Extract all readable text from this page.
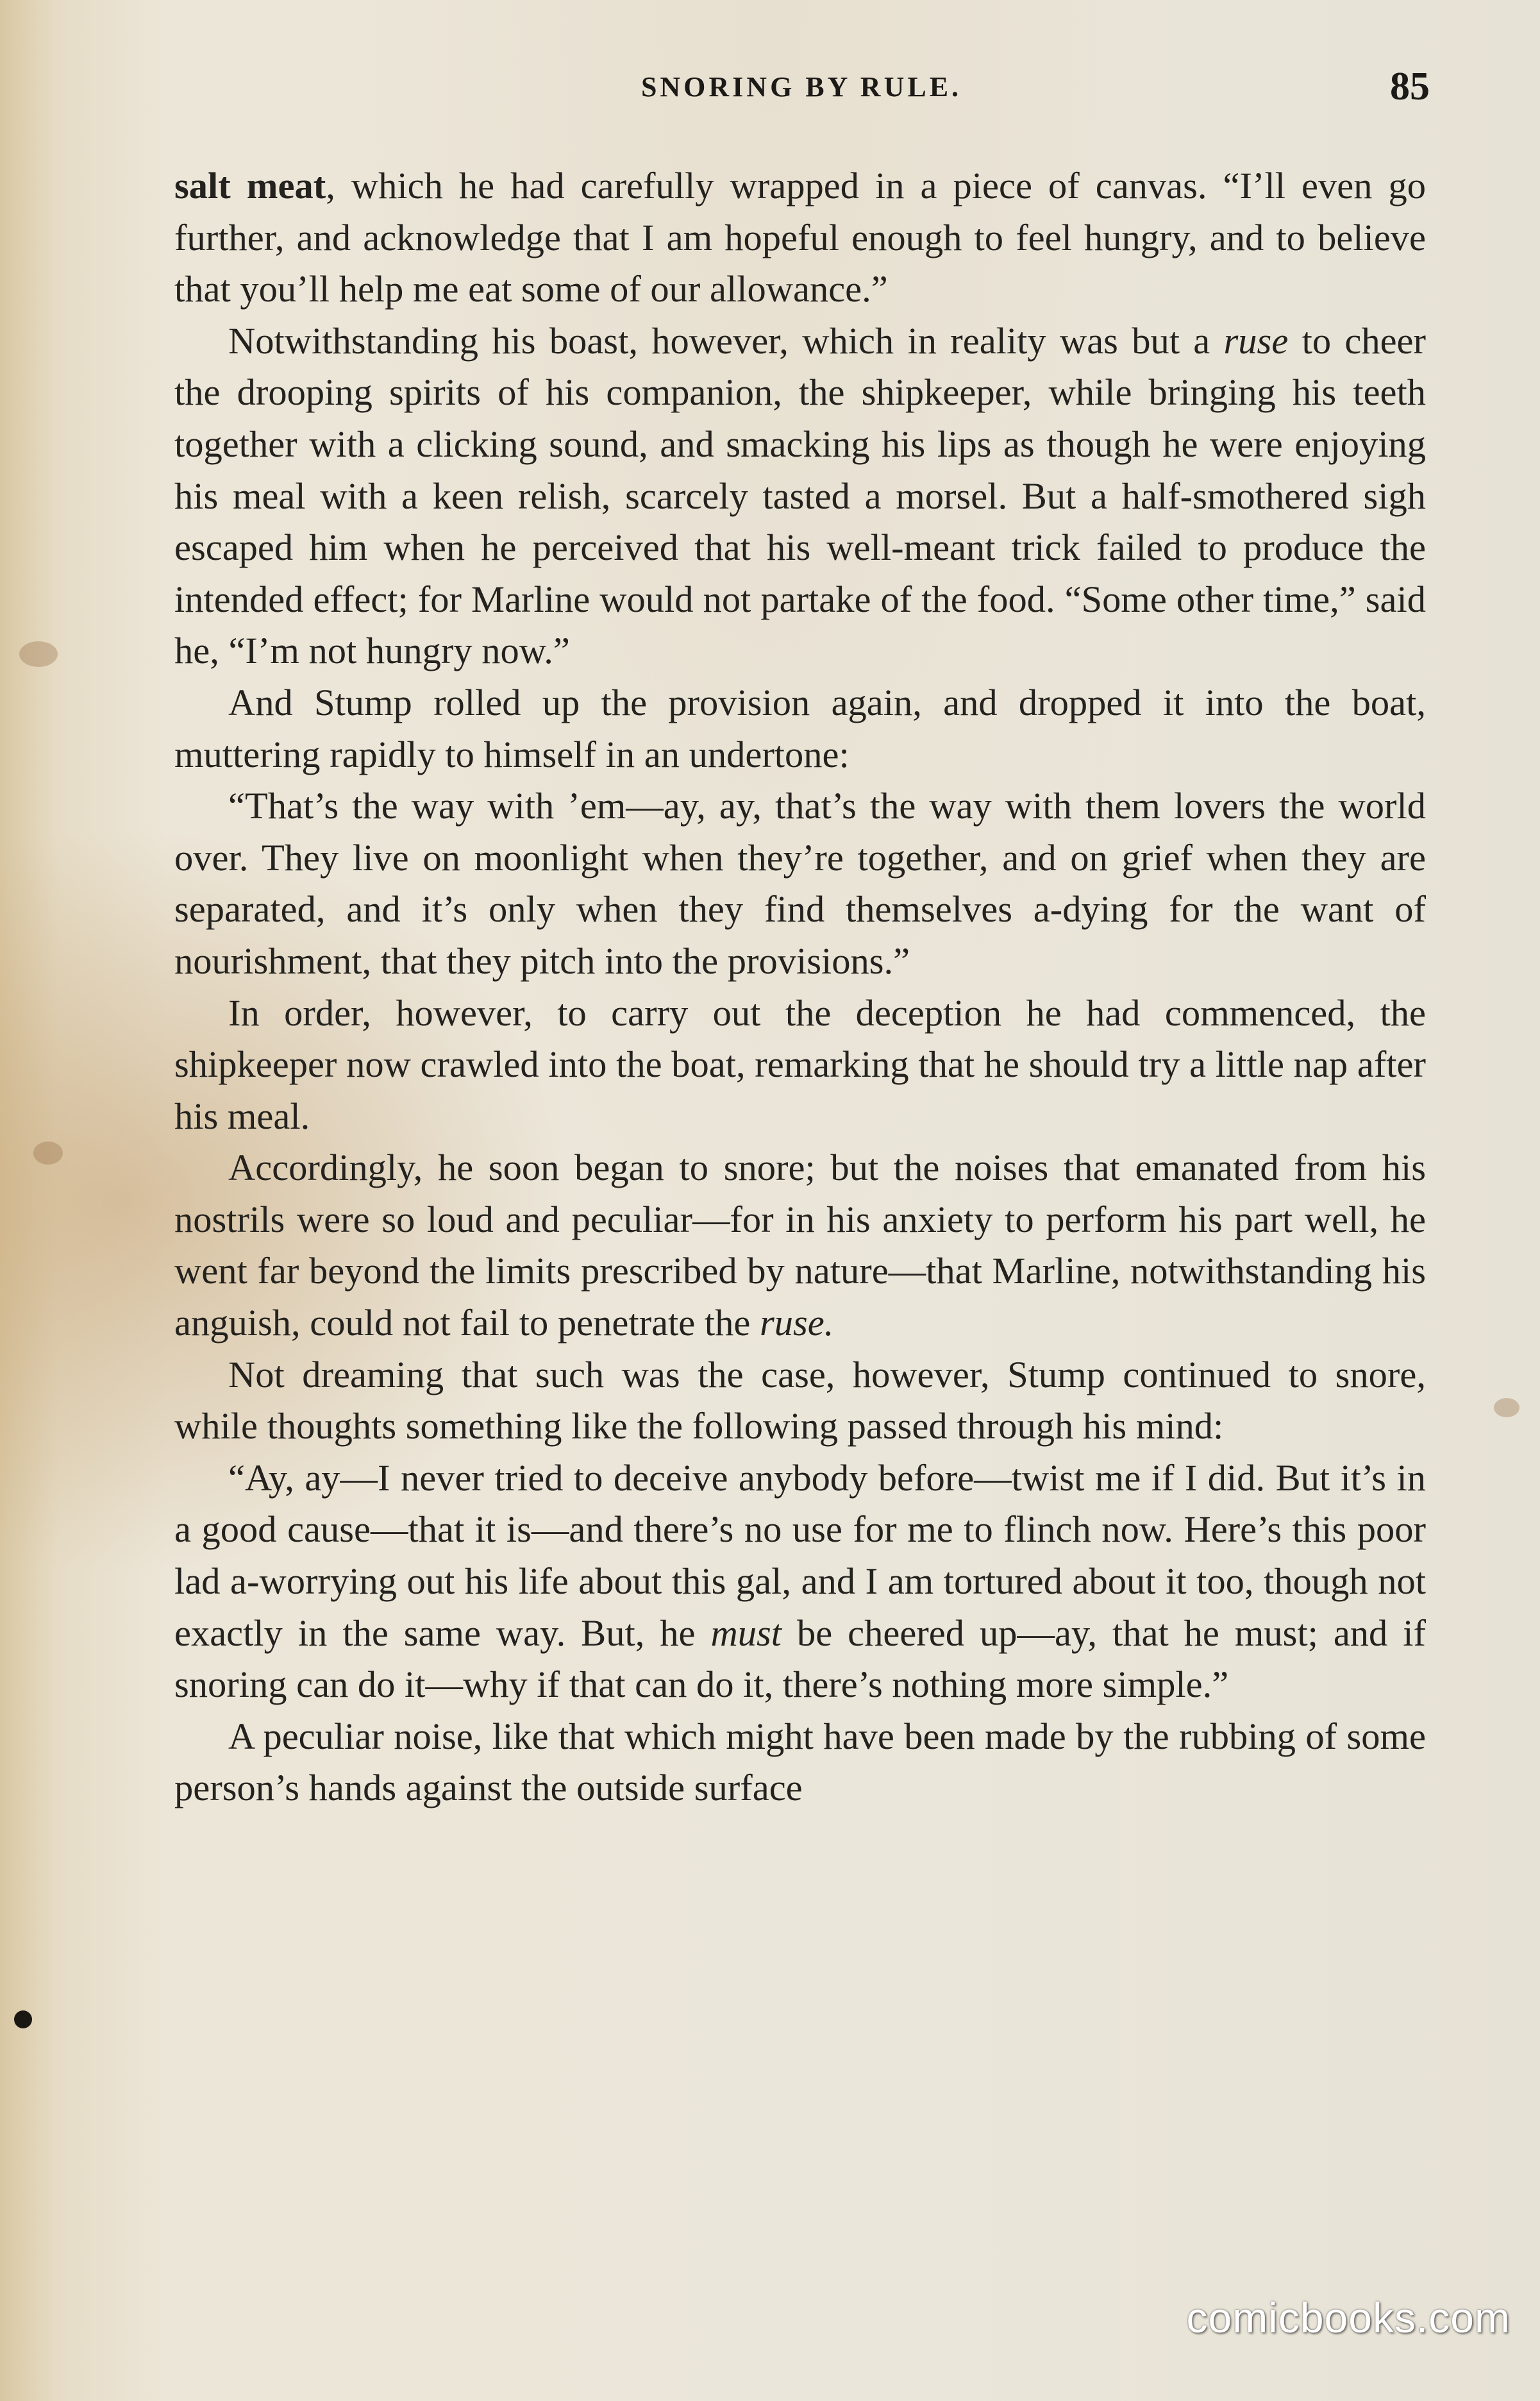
SNORING BY RULE.	85

salt meat, which he had carefully wrapped in a piece of canvas. “I’ll even go further, and acknowledge that I am hopeful enough to feel hungry, and to believe that you’ll help me eat some of our allowance.”

Notwithstanding his boast, however, which in reality was but a ruse to cheer the drooping spirits of his companion, the shipkeeper, while bringing his teeth together with a clicking sound, and smacking his lips as though he were enjoying his meal with a keen relish, scarcely tasted a morsel. But a half-smothered sigh escaped him when he perceived that his well-meant trick failed to produce the intended effect; for Marline would not partake of the food. “Some other time,” said he, “I’m not hungry now.”

And Stump rolled up the provision again, and dropped it into the boat, muttering rapidly to himself in an undertone:

“That’s the way with ’em—ay, ay, that’s the way with them lovers the world over. They live on moonlight when they’re together, and on grief when they are separated, and it’s only when they find themselves a-dying for the want of nourishment, that they pitch into the provisions.”

In order, however, to carry out the deception he had commenced, the shipkeeper now crawled into the boat, remarking that he should try a little nap after his meal.

Accordingly, he soon began to snore; but the noises that emanated from his nostrils were so loud and peculiar—for in his anxiety to perform his part well, he went far beyond the limits prescribed by nature—that Marline, notwithstanding his anguish, could not fail to penetrate the ruse.

Not dreaming that such was the case, however, Stump continued to snore, while thoughts something like the following passed through his mind:

“Ay, ay—I never tried to deceive anybody before—twist me if I did. But it’s in a good cause—that it is—and there’s no use for me to flinch now. Here’s this poor lad a-worrying out his life about this gal, and I am tortured about it too, though not exactly in the same way. But, he must be cheered up—ay, that he must; and if snoring can do it—why if that can do it, there’s nothing more simple.”

A peculiar noise, like that which might have been made by the rubbing of some person’s hands against the outside surface

comicbooks.com
